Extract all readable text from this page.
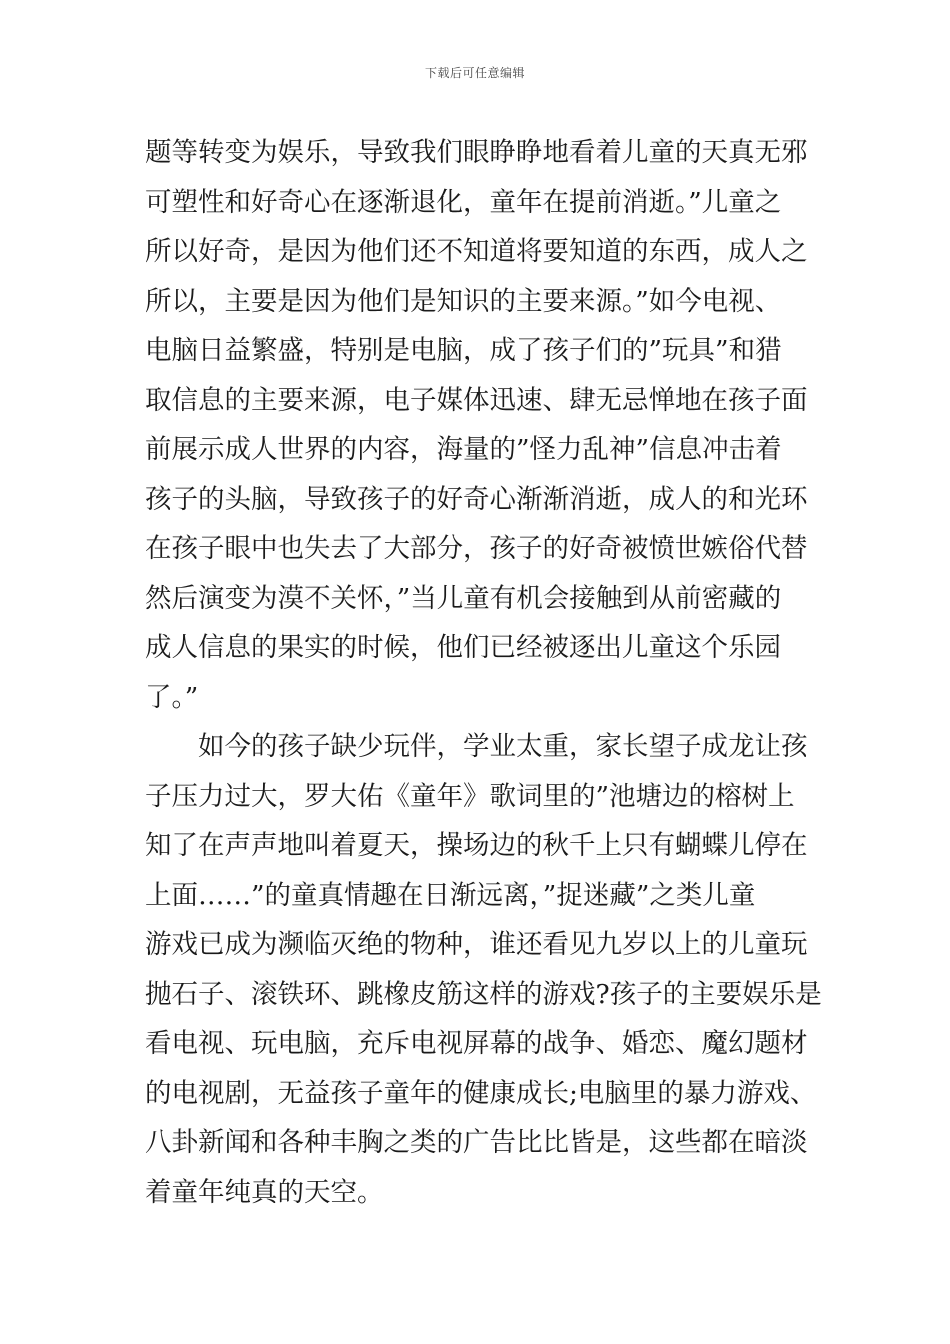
下载后可任意编辑
题等转变为娱乐，导致我们眼睁睁地看着儿童的天真无邪
可塑性和好奇心在逐渐退化，童年在提前消逝。”儿童之
所以好奇，是因为他们还不知道将要知道的东西，成人之
所以，主要是因为他们是知识的主要来源。”如今电视、
电脑日益繁盛，特别是电脑，成了孩子们的”玩具”和猎
取信息的主要来源，电子媒体迅速、肆无忌惮地在孩子面
前展示成人世界的内容，海量的”怪力乱神”信息冲击着
孩子的头脑，导致孩子的好奇心渐渐消逝，成人的和光环
在孩子眼中也失去了大部分，孩子的好奇被愤世嫉俗代替
然后演变为漠不关怀，”当儿童有机会接触到从前密藏的
成人信息的果实的时候，他们已经被逐出儿童这个乐园
了。”
　　如今的孩子缺少玩伴，学业太重，家长望子成龙让孩
子压力过大，罗大佑《童年》歌词里的”池塘边的榕树上
知了在声声地叫着夏天，操场边的秋千上只有蝴蝶儿停在
上面……”的童真情趣在日渐远离，”捉迷藏”之类儿童
游戏已成为濒临灭绝的物种，谁还看见九岁以上的儿童玩
抛石子、滚铁环、跳橡皮筋这样的游戏?孩子的主要娱乐是
看电视、玩电脑，充斥电视屏幕的战争、婚恋、魔幻题材
的电视剧，无益孩子童年的健康成长;电脑里的暴力游戏、
八卦新闻和各种丰胸之类的广告比比皆是，这些都在暗淡
着童年纯真的天空。
